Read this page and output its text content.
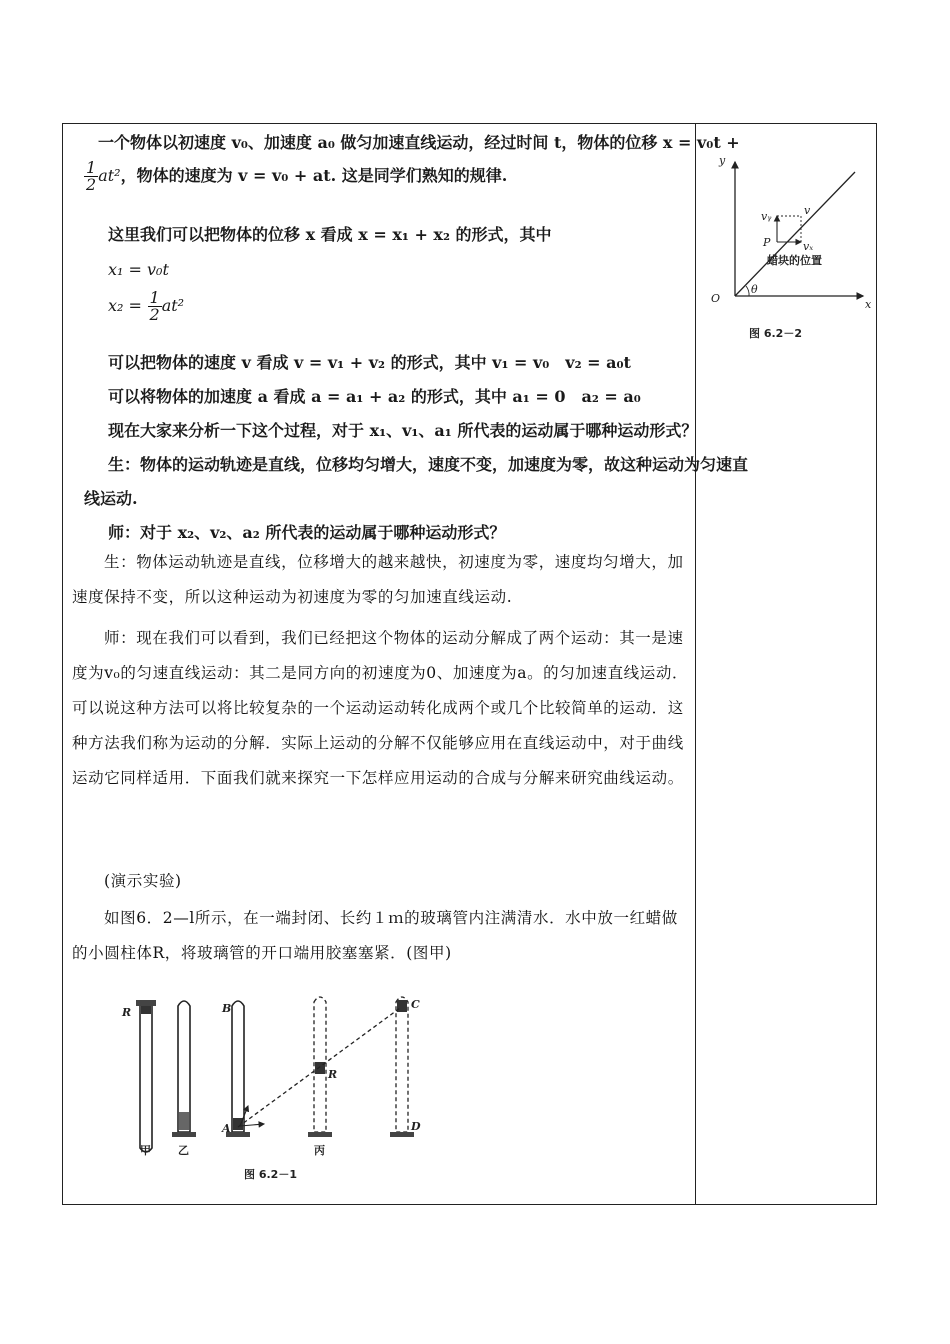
一个物体以初速度 v₀、加速度 a₀ 做匀加速直线运动，经过时间 t，物体的位移 x = v₀t +
$\frac{1}{2} at^2$，物体的速度为 v = v₀ + at. 这是同学们熟知的规律.
这里我们可以把物体的位移 x 看成 x = x₁ + x₂ 的形式，其中
x₁ = v₀t
$x_2 = \frac{1}{2} at^2$
可以把物体的速度 v 看成 v = v₁ + v₂ 的形式，其中 v₁ = v₀　v₂ = a₀t
可以将物体的加速度 a 看成 a = a₁ + a₂ 的形式，其中 a₁ = 0　a₂ = a₀
现在大家来分析一下这个过程，对于 x₁、v₁、a₁ 所代表的运动属于哪种运动形式？
生：物体的运动轨迹是直线，位移均匀增大，速度不变，加速度为零，故这种运动为匀速直
线运动.
师：对于 x₂、v₂、a₂ 所代表的运动属于哪种运动形式？
生：物体运动轨迹是直线，位移增大的越来越快，初速度为零，速度均匀增大，加速度保持不变，所以这种运动为初速度为零的匀加速直线运动.
师：现在我们可以看到，我们已经把这个物体的运动分解成了两个运动：其一是速度为v₀的匀速直线运动：其二是同方向的初速度为0、加速度为a。的匀加速直线运动．可以说这种方法可以将比较复杂的一个运动运动转化成两个或几个比较简单的运动．这种方法我们称为运动的分解．实际上运动的分解不仅能够应用在直线运动中，对于曲线运动它同样适用．下面我们就来探究一下怎样应用运动的合成与分解来研究曲线运动。
(演示实验)
如图6．2—l所示，在一端封闭、长约１ｍ的玻璃管内注满清水．水中放一红蜡做的小圆柱体R，将玻璃管的开口端用胶塞塞紧．(图甲)
O	x
y
θ
P	vₓ
vᵧ	v
蜡块的位置
图 6.2－2
R	B	C
A	D
R
甲 乙	丙
图 6.2－1
